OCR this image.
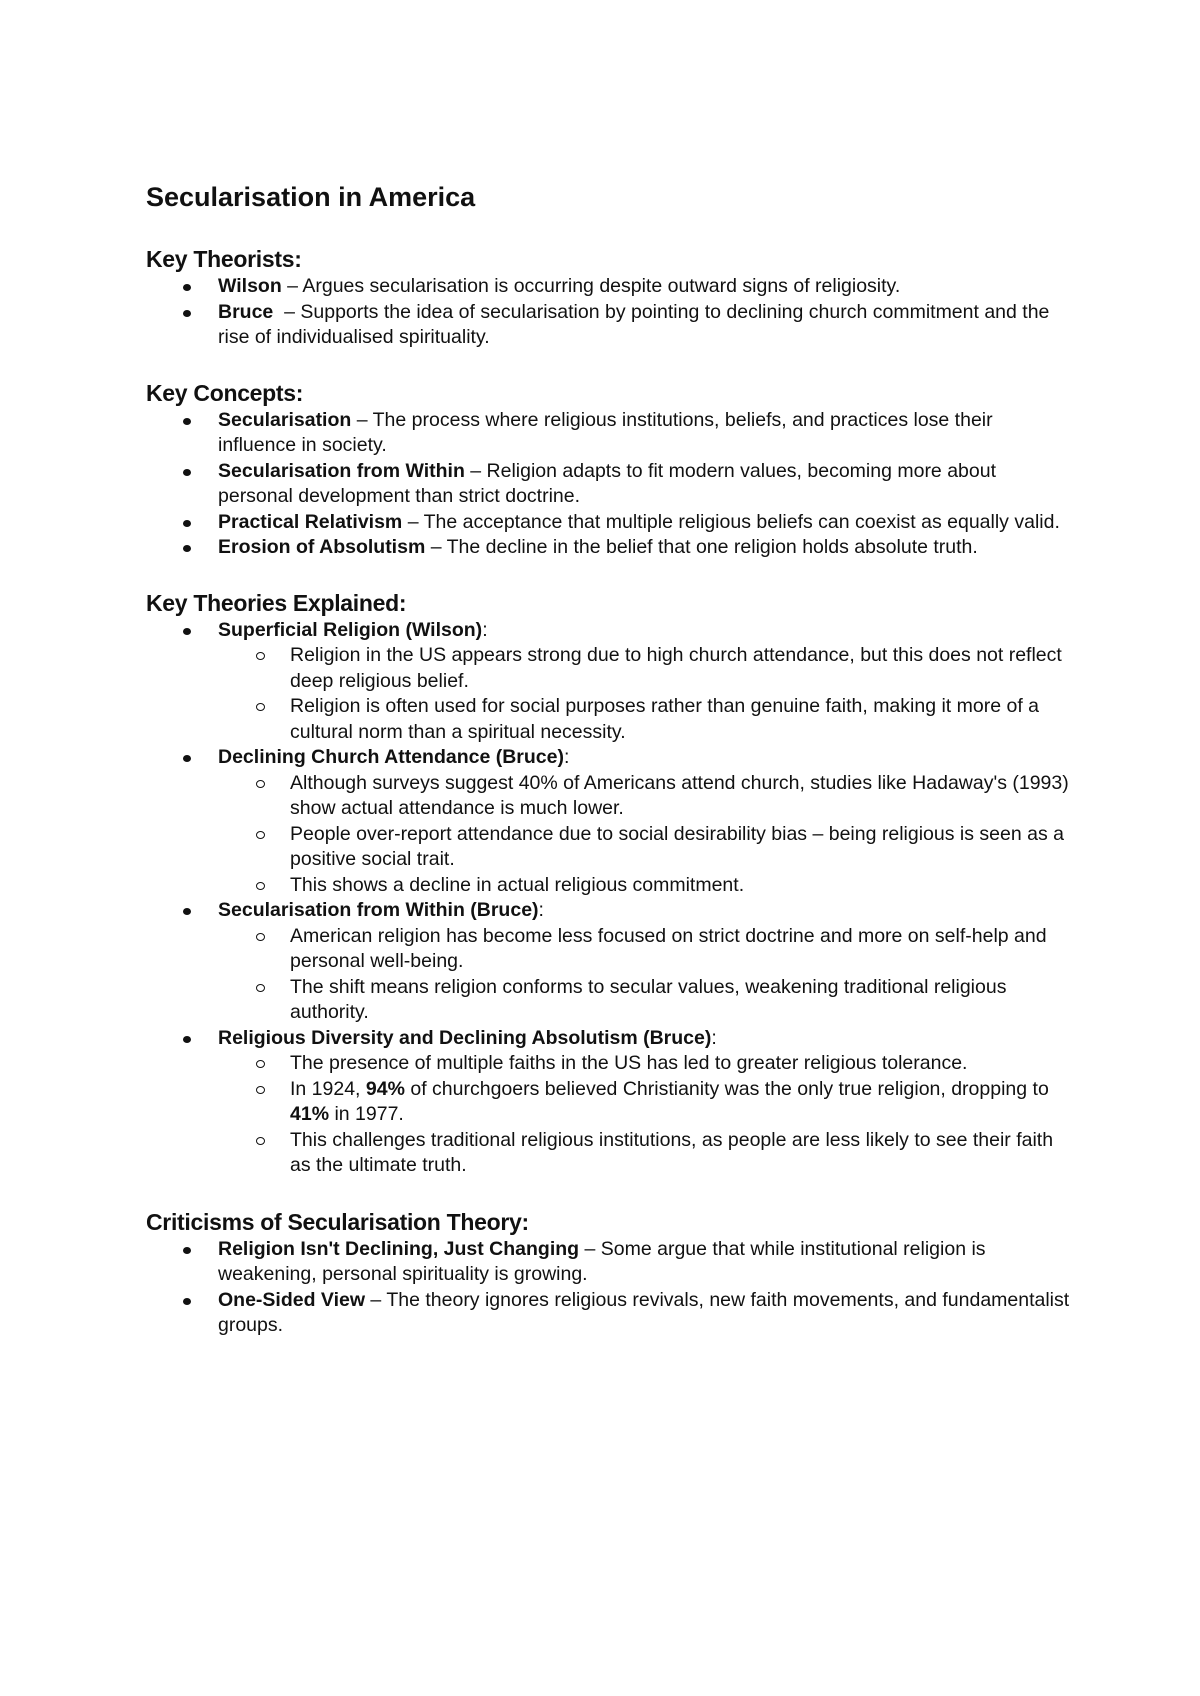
Secularisation in America
Key Theorists:
Wilson – Argues secularisation is occurring despite outward signs of religiosity.
Bruce  – Supports the idea of secularisation by pointing to declining church commitment and the rise of individualised spirituality.
Key Concepts:
Secularisation – The process where religious institutions, beliefs, and practices lose their influence in society.
Secularisation from Within – Religion adapts to fit modern values, becoming more about personal development than strict doctrine.
Practical Relativism – The acceptance that multiple religious beliefs can coexist as equally valid.
Erosion of Absolutism – The decline in the belief that one religion holds absolute truth.
Key Theories Explained:
Superficial Religion (Wilson):
Religion in the US appears strong due to high church attendance, but this does not reflect deep religious belief.
Religion is often used for social purposes rather than genuine faith, making it more of a cultural norm than a spiritual necessity.
Declining Church Attendance (Bruce):
Although surveys suggest 40% of Americans attend church, studies like Hadaway's (1993) show actual attendance is much lower.
People over-report attendance due to social desirability bias – being religious is seen as a positive social trait.
This shows a decline in actual religious commitment.
Secularisation from Within (Bruce):
American religion has become less focused on strict doctrine and more on self-help and personal well-being.
The shift means religion conforms to secular values, weakening traditional religious authority.
Religious Diversity and Declining Absolutism (Bruce):
The presence of multiple faiths in the US has led to greater religious tolerance.
In 1924, 94% of churchgoers believed Christianity was the only true religion, dropping to 41% in 1977.
This challenges traditional religious institutions, as people are less likely to see their faith as the ultimate truth.
Criticisms of Secularisation Theory:
Religion Isn't Declining, Just Changing – Some argue that while institutional religion is weakening, personal spirituality is growing.
One-Sided View – The theory ignores religious revivals, new faith movements, and fundamentalist groups.
